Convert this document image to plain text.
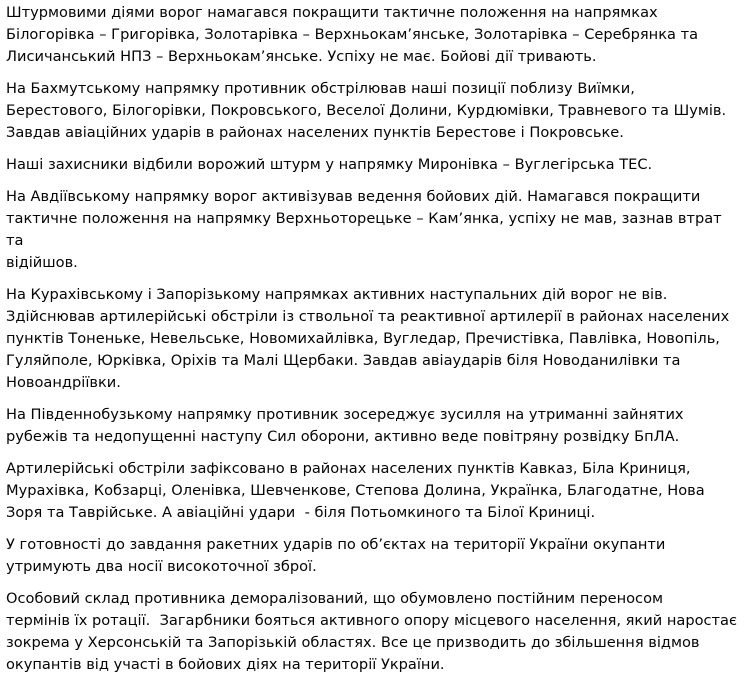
Штурмовими діями ворог намагався покращити тактичне положення на напрямках
Білогорівка – Григорівка, Золотарівка – Верхньокам’янське, Золотарівка – Серебрянка та
Лисичанський НПЗ – Верхньокам’янське. Успіху не має. Бойові дії тривають.

На Бахмутському напрямку противник обстрілював наші позиції поблизу Виїмки,
Берестового, Білогорівки, Покровського, Веселої Долини, Курдюмівки, Травневого та Шумів.
Завдав авіаційних ударів в районах населених пунктів Берестове і Покровське.

Наші захисники відбили ворожий штурм у напрямку Миронівка – Вуглегірська ТЕС.

На Авдіївському напрямку ворог активізував ведення бойових дій. Намагався покращити
тактичне положення на напрямку Верхньоторецьке – Кам’янка, успіху не мав, зазнав втрат та
відійшов.

На Курахівському і Запорізькому напрямках активних наступальних дій ворог не вів.
Здійснював артилерійські обстріли із ствольної та реактивної артилерії в районах населених
пунктів Тоненьке, Невельське, Новомихайлівка, Вугледар, Пречистівка, Павлівка, Новопіль,
Гуляйполе, Юрківка, Оріхів та Малі Щербаки. Завдав авіаударів біля Новоданилівки та
Новоандріївки.

На Південнобузькому напрямку противник зосереджує зусилля на утриманні зайнятих
рубежів та недопущенні наступу Сил оборони, активно веде повітряну розвідку БпЛА.

Артилерійські обстріли зафіксовано в районах населених пунктів Кавказ, Біла Криниця,
Мурахівка, Кобзарці, Оленівка, Шевченкове, Степова Долина, Українка, Благодатне, Нова
Зоря та Таврійське. А авіаційні удари  - біля Потьомкиного та Білої Криниці.

У готовності до завдання ракетних ударів по об’єктах на території України окупанти
утримують два носії високоточної зброї.

Особовий склад противника деморалізований, що обумовлено постійним переносом
термінів їх ротації.  Загарбники бояться активного опору місцевого населення, який наростає
зокрема у Херсонській та Запорізькій областях. Все це призводить до збільшення відмов
окупантів від участі в бойових діях на території України.
